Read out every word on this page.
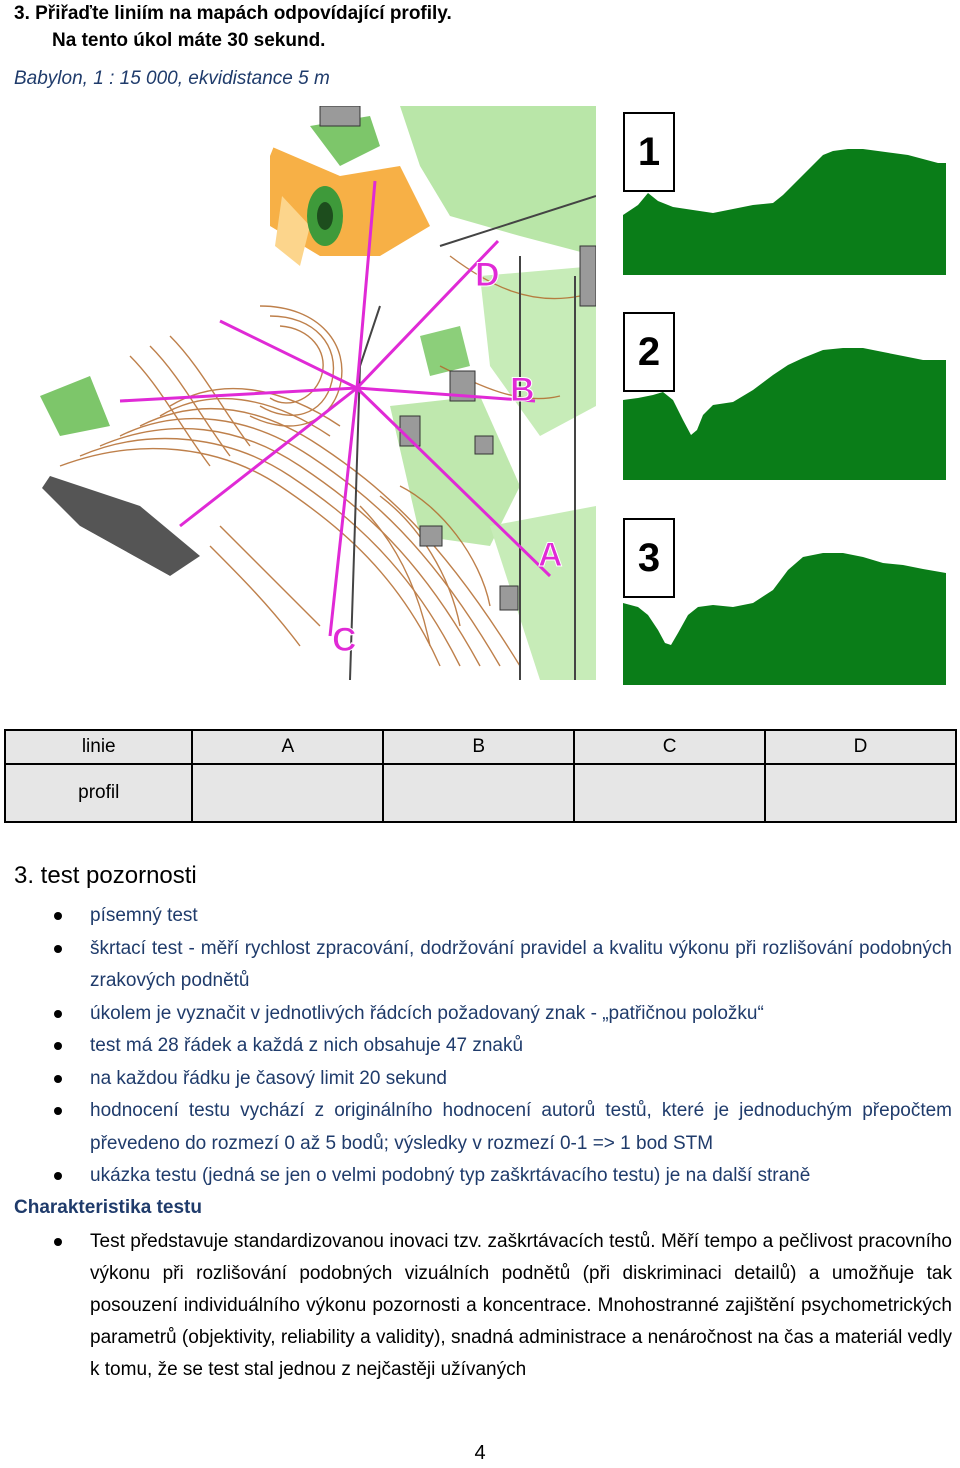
3. Přiřaďte liniím na mapách odpovídající profily.
Na tento úkol máte 30 sekund.
Babylon, 1 : 15 000, ekvidistance 5 m
D
B
A
C
1
2
3
linie	A	B	C	D
profil				
3. test pozornosti
písemný test
škrtací test - měří rychlost zpracování, dodržování pravidel a kvalitu výkonu při rozlišování podobných zrakových podnětů
úkolem je vyznačit v jednotlivých řádcích požadovaný znak - „patřičnou položku“
test má 28 řádek a každá z nich obsahuje 47 znaků
na každou řádku je časový limit 20 sekund
hodnocení testu vychází z originálního hodnocení autorů testů, které je jednoduchým přepočtem převedeno do rozmezí 0 až 5 bodů; výsledky v rozmezí 0-1 => 1 bod STM
ukázka testu (jedná se jen o velmi podobný typ zaškrtávacího testu) je na další straně
Charakteristika testu
Test představuje standardizovanou inovaci tzv. zaškrtávacích testů. Měří tempo a pečlivost pracovního výkonu při rozlišování podobných vizuálních podnětů (při diskriminaci detailů) a umožňuje tak posouzení individuálního výkonu pozornosti a koncentrace. Mnohostranné zajištění psychometrických parametrů (objektivity, reliability a validity), snadná administrace a nenáročnost na čas a materiál vedly k tomu, že se test stal jednou z nejčastěji užívaných
4
